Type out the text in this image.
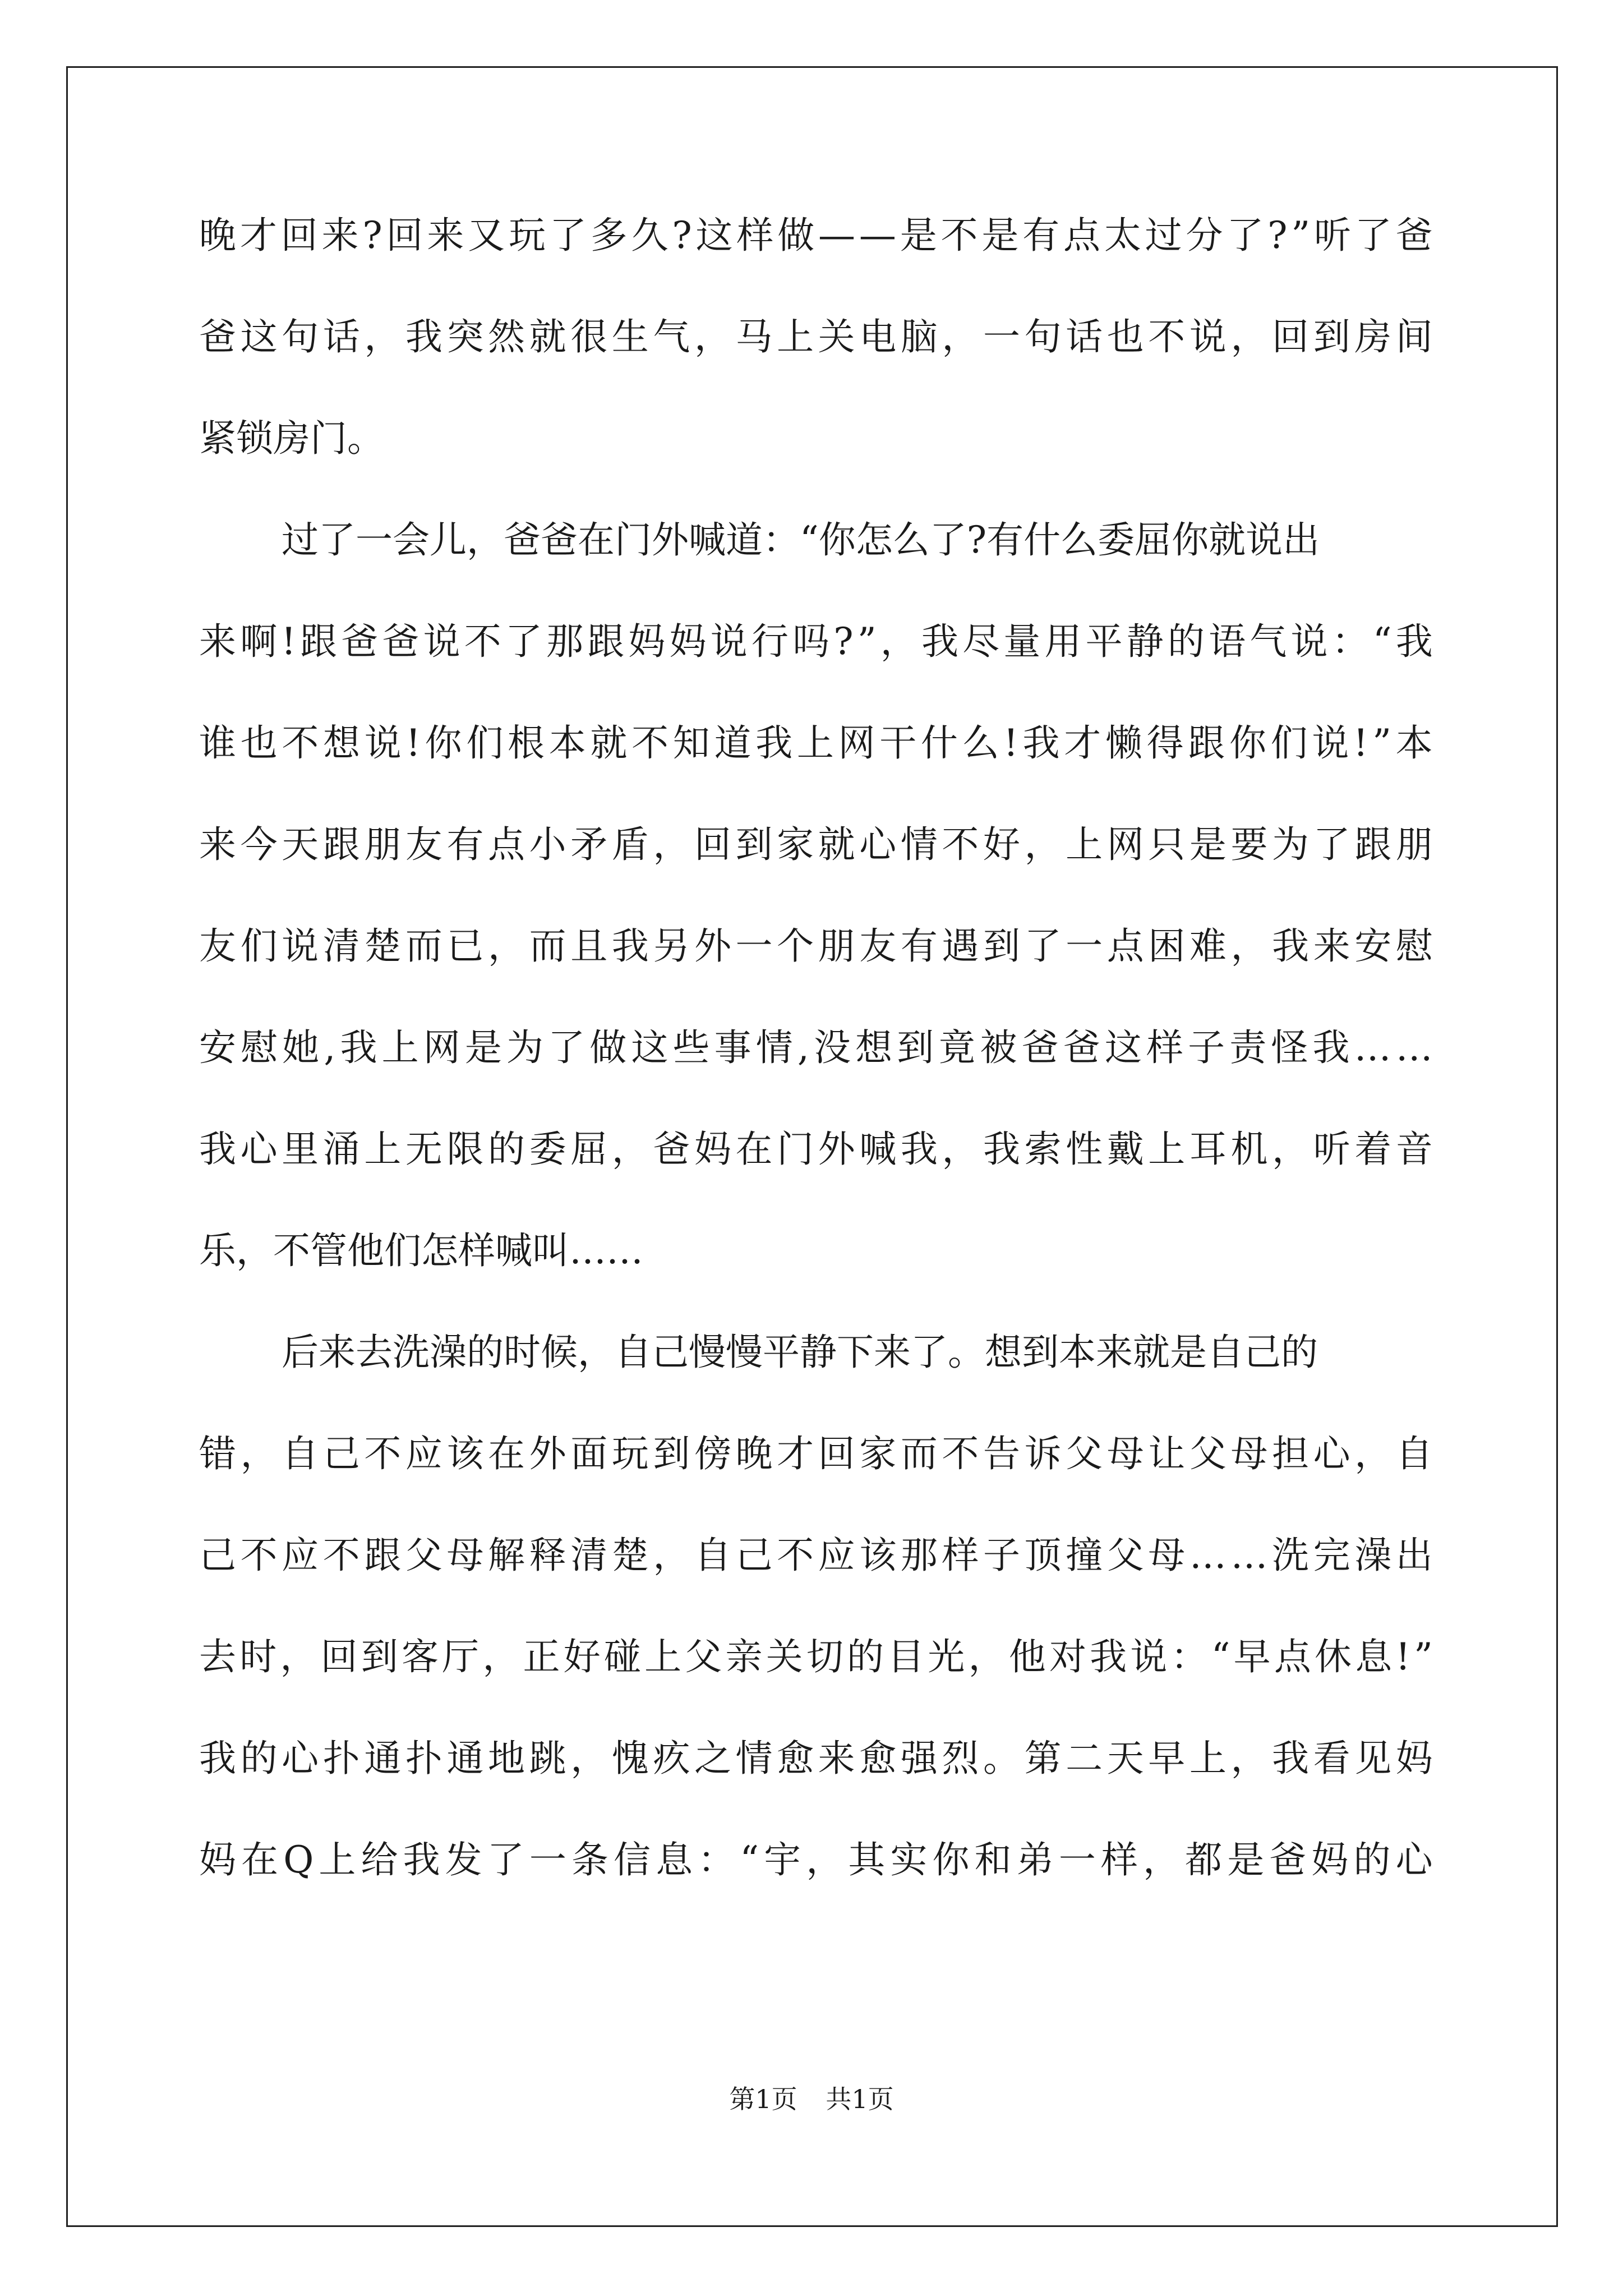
晚 才 回 来 ? 回 来 又 玩 了 多 久 ? 这 样 做 — — 是 不 是 有 点 太 过 分 了 ? ” 听 了 爸
爸 这 句 话 ， 我 突 然 就 很 生 气 ， 马 上 关 电 脑 ， 一 句 话 也 不 说 ， 回 到 房 间
紧锁房门。
过了一会儿，爸爸在门外喊道：“你怎么了?有什么委屈你就说出
来 啊 ! 跟 爸 爸 说 不 了 那 跟 妈 妈 说 行 吗 ? ” ， 我 尽 量 用 平 静 的 语 气 说 ： “ 我
谁 也 不 想 说 ! 你 们 根 本 就 不 知 道 我 上 网 干 什 么 ! 我 才 懒 得 跟 你 们 说 ! ” 本
来 今 天 跟 朋 友 有 点 小 矛 盾 ， 回 到 家 就 心 情 不 好 ， 上 网 只 是 要 为 了 跟 朋
友 们 说 清 楚 而 已 ， 而 且 我 另 外 一 个 朋 友 有 遇 到 了 一 点 困 难 ， 我 来 安 慰
安 慰 她 , 我 上 网 是 为 了 做 这 些 事 情 , 没 想 到 竟 被 爸 爸 这 样 子 责 怪 我 … …
我 心 里 涌 上 无 限 的 委 屈 ， 爸 妈 在 门 外 喊 我 ， 我 索 性 戴 上 耳 机 ， 听 着 音
乐，不管他们怎样喊叫……
后来去洗澡的时候，自己慢慢平静下来了。想到本来就是自己的
错 ， 自 己 不 应 该 在 外 面 玩 到 傍 晚 才 回 家 而 不 告 诉 父 母 让 父 母 担 心 ， 自
己 不 应 不 跟 父 母 解 释 清 楚 ， 自 己 不 应 该 那 样 子 顶 撞 父 母 … … 洗 完 澡 出
去 时 ， 回 到 客 厅 ， 正 好 碰 上 父 亲 关 切 的 目 光 ， 他 对 我 说 ： “ 早 点 休 息 ! ”
我 的 心 扑 通 扑 通 地 跳 ， 愧 疚 之 情 愈 来 愈 强 烈 。 第 二 天 早 上 ， 我 看 见 妈
妈 在 Q 上 给 我 发 了 一 条 信 息 ： “ 宇 ， 其 实 你 和 弟 一 样 ， 都 是 爸 妈 的 心
第1页 共1页
